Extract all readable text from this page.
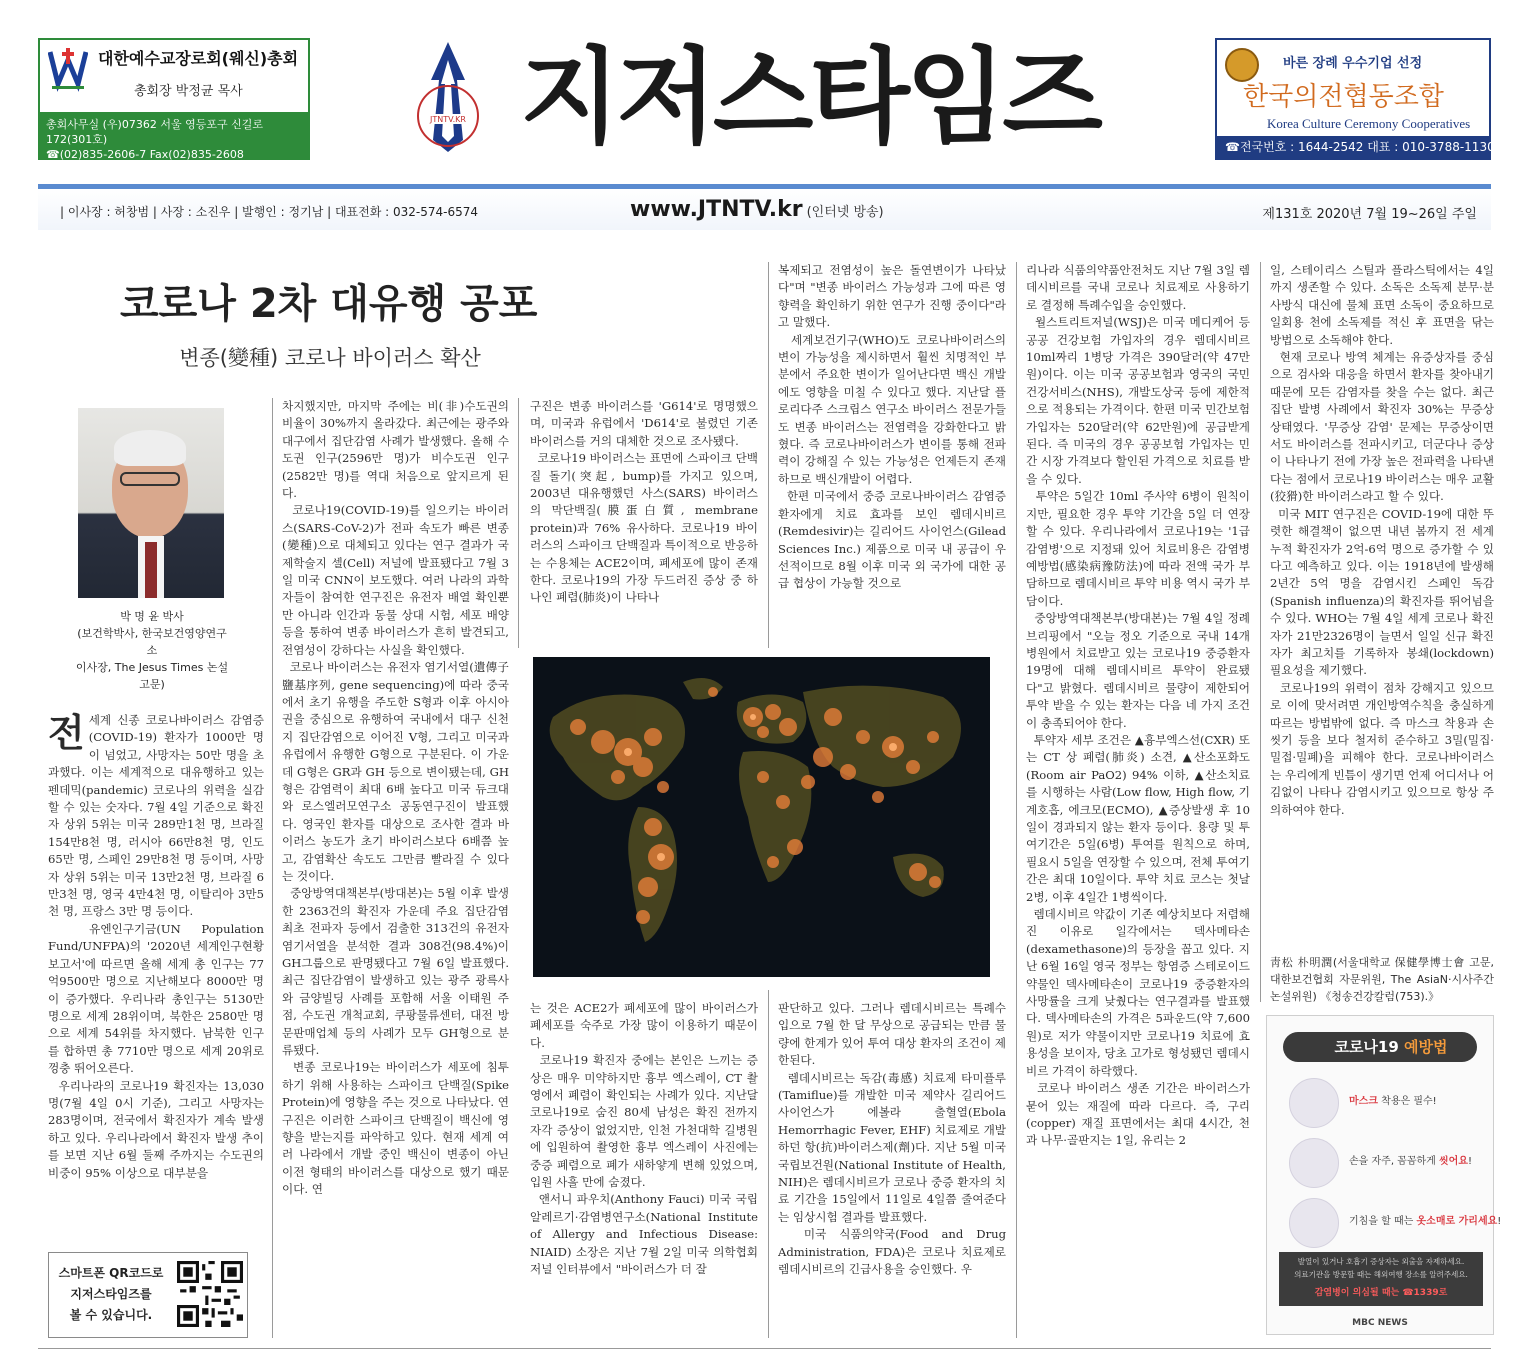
대한예수교장로회(웨신)총회
총회장 박정균 목사
총회사무실 (우)07362 서울 영등포구 신길로172(301호)
☎(02)835-2606-7 Fax(02)835-2608 http://Ws21.org
JTNTV.KR 지저스타임즈	바른 장례 우수기업 선정
한국의전협동조합
Korea Culture Ceremony Cooperatives
☎전국번호 : 1644-2542 대표 : 010-3788-1130
| 이사장 : 허창범 | 사장 : 소진우 | 발행인 : 정기남 | 대표전화 : 032-574-6574	www.JTNTV.kr (인터넷 방송)	제131호 2020년 7월 19~26일 주일
코로나 2차 대유행 공포
변종(變種) 코로나 바이러스 확산
박 명 윤 박사
(보건학박사, 한국보건영양연구소
이사장, The Jesus Times 논설고문)
전세계 신종 코로나바이러스 감염증(COVID-19) 환자가 1000만 명이 넘었고, 사망자는 50만 명을 초과했다. 이는 세계적으로 대유행하고 있는 펜데믹(pandemic) 코로나의 위력을 실감할 수 있는 숫자다. 7월 4일 기준으로 확진자 상위 5위는 미국 289만1천 명, 브라질 154만8천 명, 러시아 66만8천 명, 인도 65만 명, 스페인 29만8천 명 등이며, 사망자 상위 5위는 미국 13만2천 명, 브라질 6만3천 명, 영국 4만4천 명, 이탈리아 3만5천 명, 프랑스 3만 명 등이다.
유엔인구기금(UN Population Fund/UNFPA)의 '2020년 세계인구현황 보고서'에 따르면 올해 세계 총 인구는 77억9500만 명으로 지난해보다 8000만 명이 증가했다. 우리나라 총인구는 5130만 명으로 세계 28위이며, 북한은 2580만 명으로 세계 54위를 차지했다. 남북한 인구를 합하면 총 7710만 명으로 세계 20위로 껑충 뛰어오른다.
우리나라의 코로나19 확진자는 13,030명(7월 4일 0시 기준), 그리고 사망자는 283명이며, 전국에서 확진자가 계속 발생하고 있다. 우리나라에서 확진자 발생 추이를 보면 지난 6월 둘째 주까지는 수도권의 비중이 95% 이상으로 대부분을
차지했지만, 마지막 주에는 비(非)수도권의 비율이 30%까지 올라갔다. 최근에는 광주와 대구에서 집단감염 사례가 발생했다. 올해 수도권 인구(2596만 명)가 비수도권 인구(2582만 명)를 역대 처음으로 앞지르게 된다.
코로나19(COVID-19)를 일으키는 바이러스(SARS-CoV-2)가 전파 속도가 빠른 변종(變種)으로 대체되고 있다는 연구 결과가 국제학술지 셀(Cell) 저널에 발표됐다고 7월 3일 미국 CNN이 보도했다. 여러 나라의 과학자들이 참여한 연구진은 유전자 배열 확인뿐만 아니라 인간과 동물 상대 시험, 세포 배양 등을 통하여 변종 바이러스가 흔히 발견되고, 전염성이 강하다는 사실을 확인했다.
코로나 바이러스는 유전자 염기서열(遺傳子鹽基序列, gene sequencing)에 따라 중국에서 초기 유행을 주도한 S형과 이후 아시아권을 중심으로 유행하여 국내에서 대구 신천지 집단감염으로 이어진 V형, 그리고 미국과 유럽에서 유행한 G형으로 구분된다. 이 가운데 G형은 GR과 GH 등으로 변이됐는데, GH형은 감염력이 최대 6배 높다고 미국 듀크대와 로스엘러모연구소 공동연구진이 발표했다. 영국인 환자를 대상으로 조사한 결과 바이러스 농도가 초기 바이러스보다 6배쯤 높고, 감염확산 속도도 그만큼 빨라질 수 있다는 것이다.
중앙방역대책본부(방대본)는 5월 이후 발생한 2363건의 확진자 가운데 주요 집단감염 최초 전파자 등에서 검출한 313건의 유전자 염기서열을 분석한 결과 308건(98.4%)이 GH그룹으로 판명됐다고 7월 6일 발표했다. 최근 집단감염이 발생하고 있는 광주 광륵사와 금양빌딩 사례를 포함해 서울 이태원 주점, 수도권 개척교회, 쿠팡물류센터, 대전 방문판매업체 등의 사례가 모두 GH형으로 분류됐다.
변종 코로나19는 바이러스가 세포에 침투하기 위해 사용하는 스파이크 단백질(Spike Protein)에 영향을 주는 것으로 나타났다. 연구진은 이러한 스파이크 단백질이 백신에 영향을 받는지를 파악하고 있다. 현재 세계 여러 나라에서 개발 중인 백신이 변종이 아닌 이전 형태의 바이러스를 대상으로 했기 때문이다. 연
구진은 변종 바이러스를 'G614'로 명명했으며, 미국과 유럽에서 'D614'로 불렸던 기존 바이러스를 거의 대체한 것으로 조사됐다.
코로나19 바이러스는 표면에 스파이크 단백질 돌기(突起, bump)를 가지고 있으며, 2003년 대유행했던 사스(SARS) 바이러스의 막단백질(膜蛋白質, membrane protein)과 76% 유사하다. 코로나19 바이러스의 스파이크 단백질과 특이적으로 반응하는 수용체는 ACE2이며, 폐세포에 많이 존재한다. 코로나19의 가장 두드러진 증상 중 하나인 폐렴(肺炎)이 나타나
복제되고 전염성이 높은 돌연변이가 나타났다"며 "변종 바이러스 가능성과 그에 따른 영향력을 확인하기 위한 연구가 진행 중이다"라고 말했다.
세계보건기구(WHO)도 코로나바이러스의 변이 가능성을 제시하면서 훨씬 치명적인 부분에서 주요한 변이가 일어난다면 백신 개발에도 영향을 미칠 수 있다고 했다. 지난달 플로리다주 스크립스 연구소 바이러스 전문가들도 변종 바이러스는 전염력을 강화한다고 밝혔다. 즉 코로나바이러스가 변이를 통해 전파력이 강해질 수 있는 가능성은 언제든지 존재하므로 백신개발이 어렵다.
한편 미국에서 중증 코로나바이러스 감염증 환자에게 치료 효과를 보인 렘데시비르(Remdesivir)는 길리어드 사이언스(Gilead Sciences Inc.) 제품으로 미국 내 공급이 우선적이므로 8월 이후 미국 외 국가에 대한 공급 협상이 가능할 것으로
는 것은 ACE2가 폐세포에 많이 바이러스가 폐세포를 숙주로 가장 많이 이용하기 때문이다.
코로나19 확진자 중에는 본인은 느끼는 증상은 매우 미약하지만 흉부 엑스레이, CT 촬영에서 폐렴이 확인되는 사례가 있다. 지난달 코로나19로 숨진 80세 남성은 확진 전까지 자각 증상이 없었지만, 인천 가천대학 길병원에 입원하여 촬영한 흉부 엑스레이 사진에는 중증 폐렴으로 폐가 새하얗게 변해 있었으며, 입원 사흘 만에 숨졌다.
앤서니 파우치(Anthony Fauci) 미국 국립알레르기·감염병연구소(National Institute of Allergy and Infectious Disease: NIAID) 소장은 지난 7월 2일 미국 의학협회저널 인터뷰에서 "바이러스가 더 잘
판단하고 있다. 그러나 렘데시비르는 특례수입으로 7월 한 달 무상으로 공급되는 만큼 물량에 한계가 있어 투여 대상 환자의 조건이 제한된다.
렘데시비르는 독감(毒感) 치료제 타미플루(Tamiflue)를 개발한 미국 제약사 길리어드 사이언스가 에볼라 출혈열(Ebola Hemorrhagic Fever, EHF) 치료제로 개발하던 항(抗)바이러스제(劑)다. 지난 5월 미국 국립보건원(National Institute of Health, NIH)은 렘데시비르가 코로나 중증 환자의 치료 기간을 15일에서 11일로 4일쯤 줄여준다는 임상시험 결과를 발표했다.
미국 식품의약국(Food and Drug Administration, FDA)은 코로나 치료제로 렘데시비르의 긴급사용을 승인했다. 우
리나라 식품의약품안전처도 지난 7월 3일 렘데시비르를 국내 코로나 치료제로 사용하기로 결정해 특례수입을 승인했다.
월스트리트저널(WSJ)은 미국 메디케어 등 공공 건강보험 가입자의 경우 렘데시비르 10ml짜리 1병당 가격은 390달러(약 47만원)이다. 이는 미국 공공보험과 영국의 국민건강서비스(NHS), 개발도상국 등에 제한적으로 적용되는 가격이다. 한편 미국 민간보험 가입자는 520달러(약 62만원)에 공급받게 된다. 즉 미국의 경우 공공보험 가입자는 민간 시장 가격보다 할인된 가격으로 치료를 받을 수 있다.
투약은 5일간 10ml 주사약 6병이 원칙이지만, 필요한 경우 투약 기간을 5일 더 연장할 수 있다. 우리나라에서 코로나19는 '1급 감염병'으로 지정돼 있어 치료비용은 감염병예방법(感染病豫防法)에 따라 전액 국가 부담하므로 렘데시비르 투약 비용 역시 국가 부담이다.
중앙방역대책본부(방대본)는 7월 4일 정례 브리핑에서 "오늘 정오 기준으로 국내 14개 병원에서 치료받고 있는 코로나19 중증환자 19명에 대해 렘데시비르 투약이 완료됐다"고 밝혔다. 렘데시비르 물량이 제한되어 투약 받을 수 있는 환자는 다음 네 가지 조건이 충족되어야 한다.
투약자 세부 조건은 ▲흉부엑스선(CXR) 또는 CT 상 폐렴(肺炎) 소견, ▲산소포화도(Room air PaO2) 94% 이하, ▲산소치료를 시행하는 사람(Low flow, High flow, 기계호흡, 에크모(ECMO), ▲증상발생 후 10일이 경과되지 않는 환자 등이다. 용량 및 투여기간은 5일(6병) 투여를 원칙으로 하며, 필요시 5일을 연장할 수 있으며, 전체 투여기간은 최대 10일이다. 투약 치료 코스는 첫날 2병, 이후 4일간 1병씩이다.
렘데시비르 약값이 기존 예상치보다 저렴해진 이유로 일각에서는 덱사메타손(dexamethasone)의 등장을 꼽고 있다. 지난 6월 16일 영국 정부는 항염증 스테로이드 약물인 덱사메타손이 코로나19 중증환자의 사망률을 크게 낮췄다는 연구결과를 발표했다. 덱사메타손의 가격은 5파운드(약 7,600원)로 저가 약물이지만 코로나19 치료에 효용성을 보이자, 당초 고가로 형성됐던 렘데시비르 가격이 하락했다.
코로나 바이러스 생존 기간은 바이러스가 묻어 있는 재질에 따라 다르다. 즉, 구리(copper) 재질 표면에서는 최대 4시간, 천과 나무·골판지는 1일, 유리는 2
일, 스테이리스 스틸과 플라스틱에서는 4일까지 생존할 수 있다. 소독은 소독제 분무·분사방식 대신에 물체 표면 소독이 중요하므로 일회용 천에 소독제를 적신 후 표면을 닦는 방법으로 소독해야 한다.
현재 코로나 방역 체계는 유증상자를 중심으로 검사와 대응을 하면서 환자를 찾아내기 때문에 모든 감염자를 찾을 수는 없다. 최근 집단 발병 사례에서 확진자 30%는 무증상 상태였다. '무증상 감염' 문제는 무증상이면서도 바이러스를 전파시키고, 더군다나 증상이 나타나기 전에 가장 높은 전파력을 나타낸다는 점에서 코로나19 바이러스는 매우 교활(狡猾)한 바이러스라고 할 수 있다.
미국 MIT 연구진은 COVID-19에 대한 뚜렷한 해결책이 없으면 내년 봄까지 전 세계 누적 확진자가 2억-6억 명으로 증가할 수 있다고 예측하고 있다. 이는 1918년에 발생해 2년간 5억 명을 감염시킨 스페인 독감(Spanish influenza)의 확진자를 뛰어넘을 수 있다. WHO는 7월 4일 세계 코로나 확진자가 21만2326명이 늘면서 일일 신규 확진자가 최고치를 기록하자 봉쇄(lockdown) 필요성을 제기했다.
코로나19의 위력이 점차 강해지고 있으므로 이에 맞서려면 개인방역수칙을 충실하게 따르는 방법밖에 없다. 즉 마스크 착용과 손 씻기 등을 보다 철저히 준수하고 3밀(밀집·밀접·밀폐)을 피해야 한다. 코로나바이러스는 우리에게 빈틈이 생기면 언제 어디서나 어김없이 나타나 감염시키고 있으므로 항상 주의하여야 한다.
靑松 朴明潤(서울대학교 保健學博士會 고문, 대한보건협회 자문위원, The AsiaN·시사주간 논설위원) 《청송건강칼럼(753).》
스마트폰 QR코드로
지저스타임즈를
볼 수 있습니다.
코로나19 예방법
마스크 착용은 필수!
손을 자주, 꼼꼼하게 씻어요!
기침을 할 때는 옷소매로 가리세요!
발열이 있거나 호흡기 증상자는 외출을 자제하세요.
의료기관을 방문할 때는 해외여행 장소를 알려주세요.
감염병이 의심될 때는 ☎1339로
MBC NEWS
